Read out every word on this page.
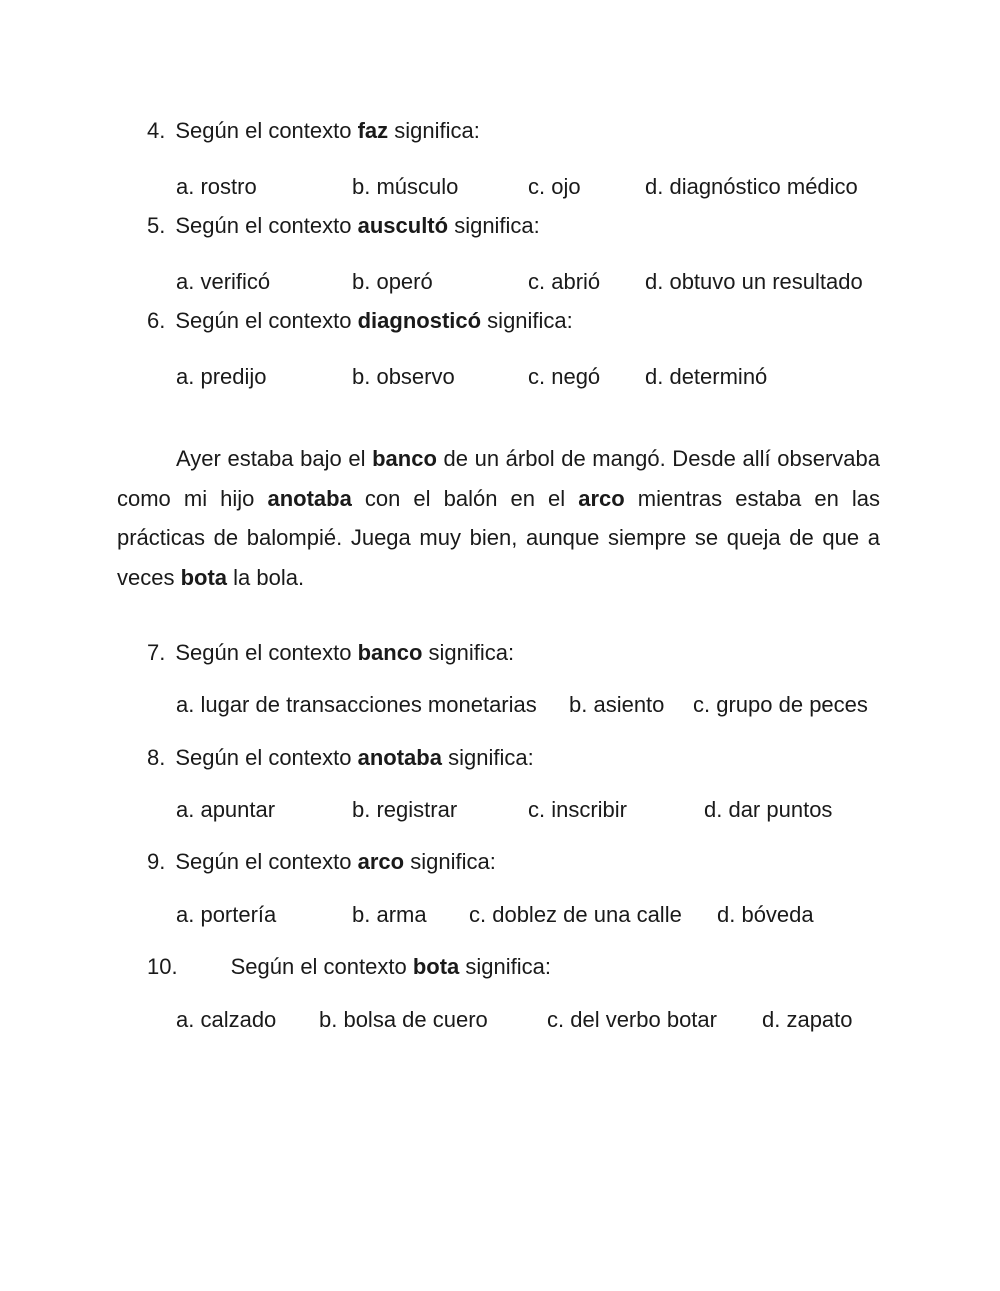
4. Según el contexto faz significa:
a. rostro	b. músculo	c. ojo	d. diagnóstico médico
5. Según el contexto auscultó significa:
a. verificó	b. operó	c. abrió d. obtuvo un resultado
6. Según el contexto diagnosticó significa:
a. predijo	b. observo	c. negó d. determinó
Ayer estaba bajo el banco de un árbol de mangó. Desde allí observaba como mi hijo anotaba con el balón en el arco mientras estaba en las prácticas de balompié. Juega muy bien, aunque siempre se queja de que a veces bota la bola.
7. Según el contexto banco significa:
a. lugar de transacciones monetarias b. asiento c. grupo de peces
8. Según el contexto anotaba significa:
a. apuntar	b. registrar	c. inscribir	d. dar puntos
9. Según el contexto arco significa:
a. portería	b. arma c. doblez de una calle d. bóveda
10. Según el contexto bota significa:
a. calzado b. bolsa de cuero	c. del verbo botar d. zapato
